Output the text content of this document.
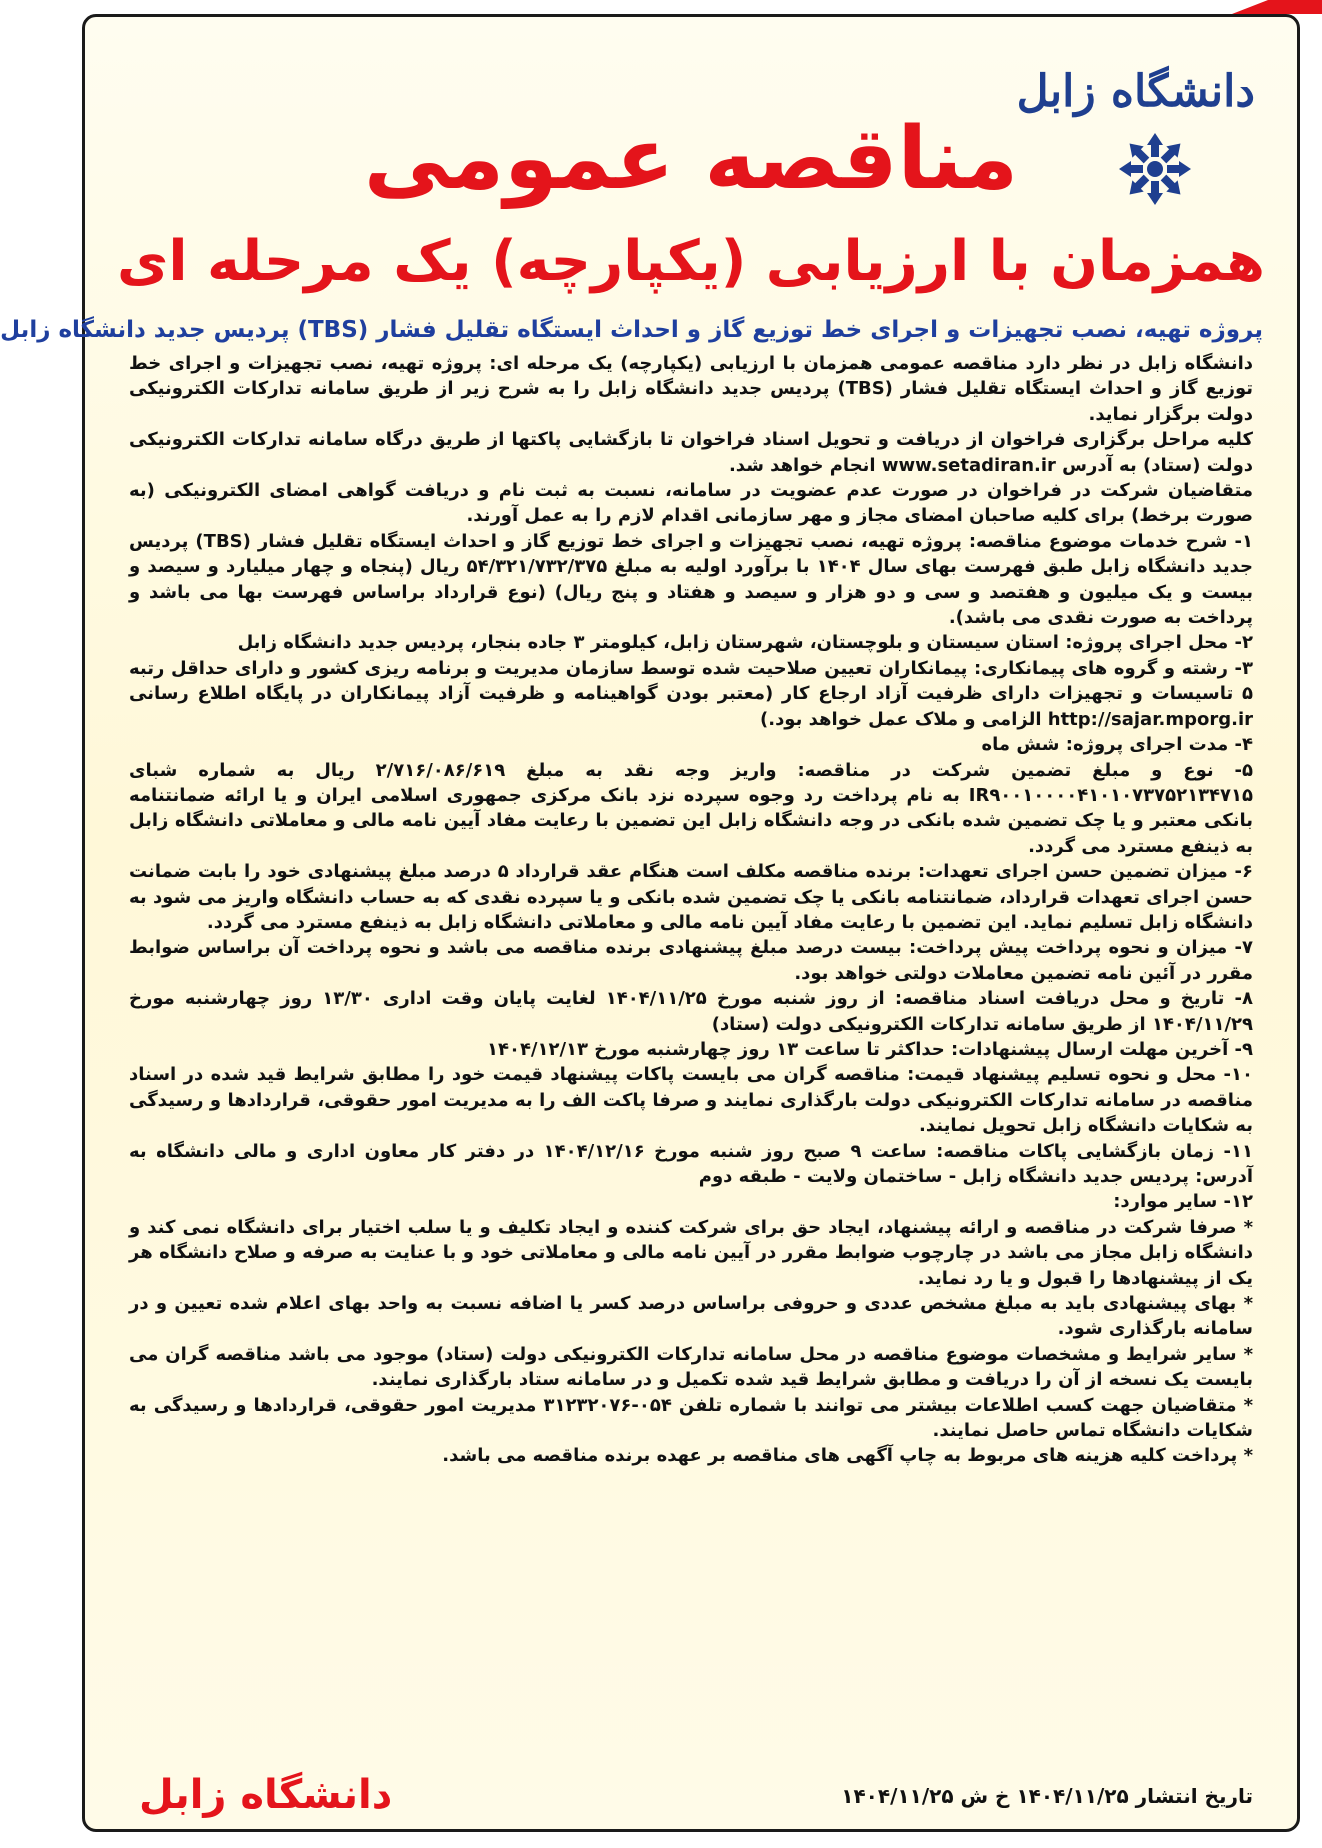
دانشگاه زابل
مناقصه عمومی
همزمان با ارزیابی (یکپارچه) یک مرحله ای
پروژه تهیه، نصب تجهیزات و اجرای خط توزیع گاز و احداث ایستگاه تقلیل فشار (TBS) پردیس جدید دانشگاه زابل

دانشگاه زابل در نظر دارد مناقصه عمومی همزمان با ارزیابی (یکپارچه) یک مرحله ای: پروژه تهیه، نصب تجهیزات و اجرای خط توزیع گاز و احداث ایستگاه تقلیل فشار (TBS) پردیس جدید دانشگاه زابل را به شرح زیر از طریق سامانه تدارکات الکترونیکی دولت برگزار نماید.

کلیه مراحل برگزاری فراخوان از دریافت و تحویل اسناد فراخوان تا بازگشایی پاکتها از طریق درگاه سامانه تدارکات الکترونیکی دولت (ستاد) به آدرس www.setadiran.ir انجام خواهد شد.

متقاضیان شرکت در فراخوان در صورت عدم عضویت در سامانه، نسبت به ثبت نام و دریافت گواهی امضای الکترونیکی (به صورت برخط) برای کلیه صاحبان امضای مجاز و مهر سازمانی اقدام لازم را به عمل آورند.

۱- شرح خدمات موضوع مناقصه: پروژه تهیه، نصب تجهیزات و اجرای خط توزیع گاز و احداث ایستگاه تقلیل فشار (TBS) پردیس جدید دانشگاه زابل طبق فهرست بهای سال ۱۴۰۴ با برآورد اولیه به مبلغ ۵۴/۳۲۱/۷۳۲/۳۷۵ ریال (پنجاه و چهار میلیارد و سیصد و بیست و یک میلیون و هفتصد و سی و دو هزار و سیصد و هفتاد و پنج ریال) (نوع قرارداد براساس فهرست بها می باشد و پرداخت به صورت نقدی می باشد).

۲- محل اجرای پروژه: استان سیستان و بلوچستان، شهرستان زابل، کیلومتر ۳ جاده بنجار، پردیس جدید دانشگاه زابل

۳- رشته و گروه های پیمانکاری: پیمانکاران تعیین صلاحیت شده توسط سازمان مدیریت و برنامه ریزی کشور و دارای حداقل رتبه ۵ تاسیسات و تجهیزات دارای ظرفیت آزاد ارجاع کار (معتبر بودن گواهینامه و ظرفیت آزاد پیمانکاران در پایگاه اطلاع رسانی http://sajar.mporg.ir الزامی و ملاک عمل خواهد بود.)

۴- مدت اجرای پروژه: شش ماه

۵- نوع و مبلغ تضمین شرکت در مناقصه: واریز وجه نقد به مبلغ ۲/۷۱۶/۰۸۶/۶۱۹ ریال به شماره شبای IR۹۰۰۱۰۰۰۰۴۱۰۱۰۷۳۷۵۲۱۳۴۷۱۵ به نام پرداخت رد وجوه سپرده نزد بانک مرکزی جمهوری اسلامی ایران و یا ارائه ضمانتنامه بانکی معتبر و یا چک تضمین شده بانکی در وجه دانشگاه زابل این تضمین با رعایت مفاد آیین نامه مالی و معاملاتی دانشگاه زابل به ذینفع مسترد می گردد.

۶- میزان تضمین حسن اجرای تعهدات: برنده مناقصه مکلف است هنگام عقد قرارداد ۵ درصد مبلغ پیشنهادی خود را بابت ضمانت حسن اجرای تعهدات قرارداد، ضمانتنامه بانکی یا چک تضمین شده بانکی و یا سپرده نقدی که به حساب دانشگاه واریز می شود به دانشگاه زابل تسلیم نماید. این تضمین با رعایت مفاد آیین نامه مالی و معاملاتی دانشگاه زابل به ذینفع مسترد می گردد.

۷- میزان و نحوه پرداخت پیش پرداخت: بیست درصد مبلغ پیشنهادی برنده مناقصه می باشد و نحوه پرداخت آن براساس ضوابط مقرر در آئین نامه تضمین معاملات دولتی خواهد بود.

۸- تاریخ و محل دریافت اسناد مناقصه: از روز شنبه مورخ ۱۴۰۴/۱۱/۲۵ لغایت پایان وقت اداری ۱۳/۳۰ روز چهارشنبه مورخ ۱۴۰۴/۱۱/۲۹ از طریق سامانه تدارکات الکترونیکی دولت (ستاد)

۹- آخرین مهلت ارسال پیشنهادات: حداکثر تا ساعت ۱۳ روز چهارشنبه مورخ ۱۴۰۴/۱۲/۱۳

۱۰- محل و نحوه تسلیم پیشنهاد قیمت: مناقصه گران می بایست پاکات پیشنهاد قیمت خود را مطابق شرایط قید شده در اسناد مناقصه در سامانه تدارکات الکترونیکی دولت بارگذاری نمایند و صرفا پاکت الف را به مدیریت امور حقوقی، قراردادها و رسیدگی به شکایات دانشگاه زابل تحویل نمایند.

۱۱- زمان بازگشایی پاکات مناقصه: ساعت ۹ صبح روز شنبه مورخ ۱۴۰۴/۱۲/۱۶ در دفتر کار معاون اداری و مالی دانشگاه به آدرس: پردیس جدید دانشگاه زابل - ساختمان ولایت - طبقه دوم

۱۲- سایر موارد:

* صرفا شرکت در مناقصه و ارائه پیشنهاد، ایجاد حق برای شرکت کننده و ایجاد تکلیف و یا سلب اختیار برای دانشگاه نمی کند و دانشگاه زابل مجاز می باشد در چارچوب ضوابط مقرر در آیین نامه مالی و معاملاتی خود و با عنایت به صرفه و صلاح دانشگاه هر یک از پیشنهادها را قبول و یا رد نماید.

* بهای پیشنهادی باید به مبلغ مشخص عددی و حروفی براساس درصد کسر یا اضافه نسبت به واحد بهای اعلام شده تعیین و در سامانه بارگذاری شود.

* سایر شرایط و مشخصات موضوع مناقصه در محل سامانه تدارکات الکترونیکی دولت (ستاد) موجود می باشد مناقصه گران می بایست یک نسخه از آن را دریافت و مطابق شرایط قید شده تکمیل و در سامانه ستاد بارگذاری نمایند.

* متقاضیان جهت کسب اطلاعات بیشتر می توانند با شماره تلفن ۰۵۴-۳۱۲۳۲۰۷۶ مدیریت امور حقوقی، قراردادها و رسیدگی به شکایات دانشگاه تماس حاصل نمایند.

* پرداخت کلیه هزینه های مربوط به چاپ آگهی های مناقصه بر عهده برنده مناقصه می باشد.

دانشگاه زابل	تاریخ انتشار ۱۴۰۴/۱۱/۲۵ خ ش ۱۴۰۴/۱۱/۲۵
